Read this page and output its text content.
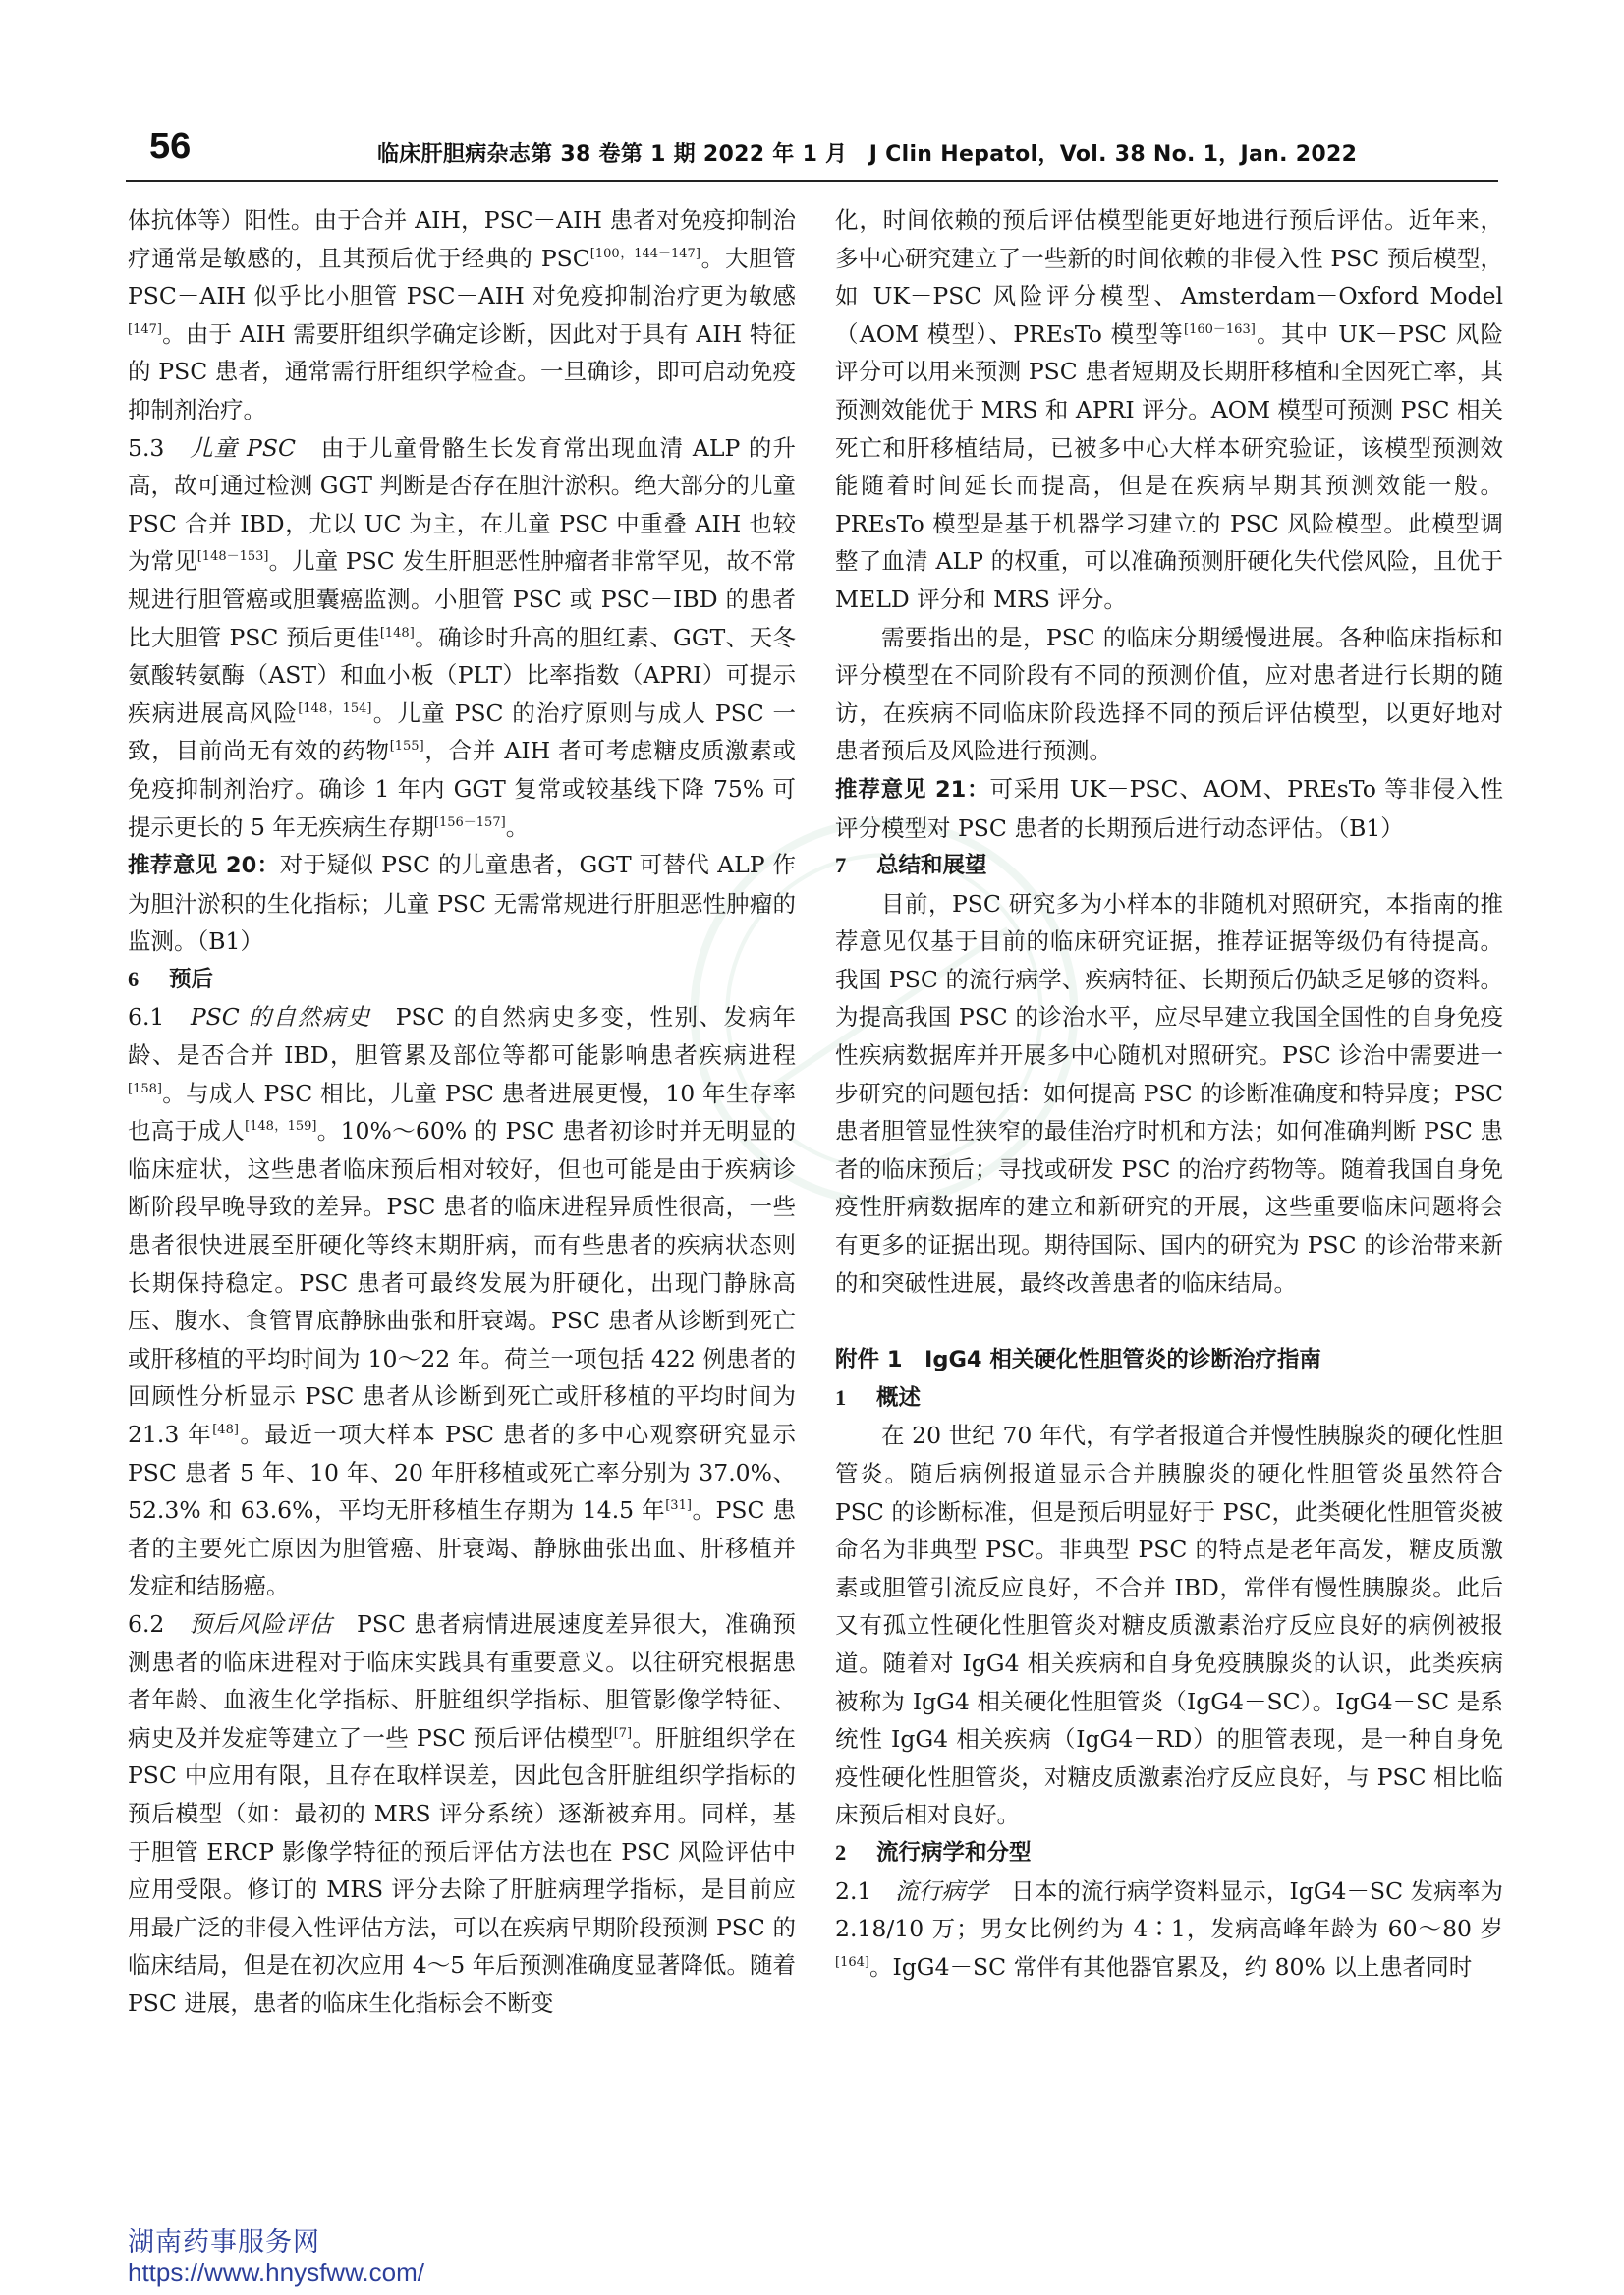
56	临床肝胆病杂志第 38 卷第 1 期 2022 年 1 月　J Clin Hepatol，Vol. 38 No. 1，Jan. 2022

体抗体等）阳性。由于合并 AIH，PSC－AIH 患者对免疫抑制治疗通常是敏感的，且其预后优于经典的 PSC[100，144－147]。大胆管 PSC－AIH 似乎比小胆管 PSC－AIH 对免疫抑制治疗更为敏感[147]。由于 AIH 需要肝组织学确定诊断，因此对于具有 AIH 特征的 PSC 患者，通常需行肝组织学检查。一旦确诊，即可启动免疫抑制剂治疗。

5.3　儿童 PSC　由于儿童骨骼生长发育常出现血清 ALP 的升高，故可通过检测 GGT 判断是否存在胆汁淤积。绝大部分的儿童 PSC 合并 IBD，尤以 UC 为主，在儿童 PSC 中重叠 AIH 也较为常见[148－153]。儿童 PSC 发生肝胆恶性肿瘤者非常罕见，故不常规进行胆管癌或胆囊癌监测。小胆管 PSC 或 PSC－IBD 的患者比大胆管 PSC 预后更佳[148]。确诊时升高的胆红素、GGT、天冬氨酸转氨酶（AST）和血小板（PLT）比率指数（APRI）可提示疾病进展高风险[148，154]。儿童 PSC 的治疗原则与成人 PSC 一致，目前尚无有效的药物[155]，合并 AIH 者可考虑糖皮质激素或免疫抑制剂治疗。确诊 1 年内 GGT 复常或较基线下降 75% 可提示更长的 5 年无疾病生存期[156－157]。

推荐意见 20：对于疑似 PSC 的儿童患者，GGT 可替代 ALP 作为胆汁淤积的生化指标；儿童 PSC 无需常规进行肝胆恶性肿瘤的监测。（B1）

6 预后

6.1　PSC 的自然病史　PSC 的自然病史多变，性别、发病年龄、是否合并 IBD，胆管累及部位等都可能影响患者疾病进程[158]。与成人 PSC 相比，儿童 PSC 患者进展更慢，10 年生存率也高于成人[148，159]。10%～60% 的 PSC 患者初诊时并无明显的临床症状，这些患者临床预后相对较好，但也可能是由于疾病诊断阶段早晚导致的差异。PSC 患者的临床进程异质性很高，一些患者很快进展至肝硬化等终末期肝病，而有些患者的疾病状态则长期保持稳定。PSC 患者可最终发展为肝硬化，出现门静脉高压、腹水、食管胃底静脉曲张和肝衰竭。PSC 患者从诊断到死亡或肝移植的平均时间为 10～22 年。荷兰一项包括 422 例患者的回顾性分析显示 PSC 患者从诊断到死亡或肝移植的平均时间为 21.3 年[48]。最近一项大样本 PSC 患者的多中心观察研究显示 PSC 患者 5 年、10 年、20 年肝移植或死亡率分别为 37.0%、52.3% 和 63.6%，平均无肝移植生存期为 14.5 年[31]。PSC 患者的主要死亡原因为胆管癌、肝衰竭、静脉曲张出血、肝移植并发症和结肠癌。

6.2　预后风险评估　PSC 患者病情进展速度差异很大，准确预测患者的临床进程对于临床实践具有重要意义。以往研究根据患者年龄、血液生化学指标、肝脏组织学指标、胆管影像学特征、病史及并发症等建立了一些 PSC 预后评估模型[7]。肝脏组织学在 PSC 中应用有限，且存在取样误差，因此包含肝脏组织学指标的预后模型（如：最初的 MRS 评分系统）逐渐被弃用。同样，基于胆管 ERCP 影像学特征的预后评估方法也在 PSC 风险评估中应用受限。修订的 MRS 评分去除了肝脏病理学指标，是目前应用最广泛的非侵入性评估方法，可以在疾病早期阶段预测 PSC 的临床结局，但是在初次应用 4～5 年后预测准确度显著降低。随着 PSC 进展，患者的临床生化指标会不断变

化，时间依赖的预后评估模型能更好地进行预后评估。近年来，多中心研究建立了一些新的时间依赖的非侵入性 PSC 预后模型，如 UK－PSC 风险评分模型、Amsterdam－Oxford Model（AOM 模型）、PREsTo 模型等[160－163]。其中 UK－PSC 风险评分可以用来预测 PSC 患者短期及长期肝移植和全因死亡率，其预测效能优于 MRS 和 APRI 评分。AOM 模型可预测 PSC 相关死亡和肝移植结局，已被多中心大样本研究验证，该模型预测效能随着时间延长而提高，但是在疾病早期其预测效能一般。PREsTo 模型是基于机器学习建立的 PSC 风险模型。此模型调整了血清 ALP 的权重，可以准确预测肝硬化失代偿风险，且优于 MELD 评分和 MRS 评分。

需要指出的是，PSC 的临床分期缓慢进展。各种临床指标和评分模型在不同阶段有不同的预测价值，应对患者进行长期的随访，在疾病不同临床阶段选择不同的预后评估模型，以更好地对患者预后及风险进行预测。

推荐意见 21：可采用 UK－PSC、AOM、PREsTo 等非侵入性评分模型对 PSC 患者的长期预后进行动态评估。（B1）

7 总结和展望

目前，PSC 研究多为小样本的非随机对照研究，本指南的推荐意见仅基于目前的临床研究证据，推荐证据等级仍有待提高。我国 PSC 的流行病学、疾病特征、长期预后仍缺乏足够的资料。为提高我国 PSC 的诊治水平，应尽早建立我国全国性的自身免疫性疾病数据库并开展多中心随机对照研究。PSC 诊治中需要进一步研究的问题包括：如何提高 PSC 的诊断准确度和特异度；PSC 患者胆管显性狭窄的最佳治疗时机和方法；如何准确判断 PSC 患者的临床预后；寻找或研发 PSC 的治疗药物等。随着我国自身免疫性肝病数据库的建立和新研究的开展，这些重要临床问题将会有更多的证据出现。期待国际、国内的研究为 PSC 的诊治带来新的和突破性进展，最终改善患者的临床结局。

附件 1　IgG4 相关硬化性胆管炎的诊断治疗指南
1 概述

在 20 世纪 70 年代，有学者报道合并慢性胰腺炎的硬化性胆管炎。随后病例报道显示合并胰腺炎的硬化性胆管炎虽然符合 PSC 的诊断标准，但是预后明显好于 PSC，此类硬化性胆管炎被命名为非典型 PSC。非典型 PSC 的特点是老年高发，糖皮质激素或胆管引流反应良好，不合并 IBD，常伴有慢性胰腺炎。此后又有孤立性硬化性胆管炎对糖皮质激素治疗反应良好的病例被报道。随着对 IgG4 相关疾病和自身免疫胰腺炎的认识，此类疾病被称为 IgG4 相关硬化性胆管炎（IgG4－SC）。IgG4－SC 是系统性 IgG4 相关疾病（IgG4－RD）的胆管表现，是一种自身免疫性硬化性胆管炎，对糖皮质激素治疗反应良好，与 PSC 相比临床预后相对良好。

2 流行病学和分型

2.1　流行病学　日本的流行病学资料显示，IgG4－SC 发病率为 2.18/10 万；男女比例约为 4∶1，发病高峰年龄为 60～80 岁[164]。IgG4－SC 常伴有其他器官累及，约 80% 以上患者同时

湖南药事服务网
https://www.hnysfww.com/
